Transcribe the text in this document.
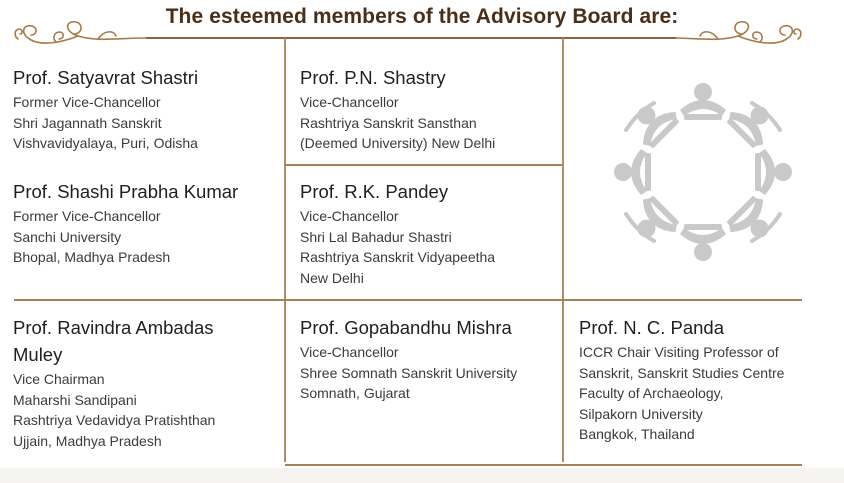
The esteemed members of the Advisory Board are:
Prof. Satyavrat Shastri
Former Vice-Chancellor
Shri Jagannath Sanskrit
Vishvavidyalaya, Puri, Odisha
Prof. P.N. Shastry
Vice-Chancellor
Rashtriya Sanskrit Sansthan
(Deemed University) New Delhi
Prof. Shashi Prabha Kumar
Former Vice-Chancellor
Sanchi University
Bhopal, Madhya Pradesh
Prof. R.K. Pandey
Vice-Chancellor
Shri Lal Bahadur Shastri
Rashtriya Sanskrit Vidyapeetha
New Delhi
Prof. Ravindra Ambadas
Muley
Vice Chairman
Maharshi Sandipani
Rashtriya Vedavidya Pratishthan
Ujjain, Madhya Pradesh
Prof. Gopabandhu Mishra
Vice-Chancellor
Shree Somnath Sanskrit University
Somnath, Gujarat
Prof. N. C. Panda
ICCR Chair Visiting Professor of
Sanskrit, Sanskrit Studies Centre
Faculty of Archaeology,
Silpakorn University
Bangkok, Thailand
